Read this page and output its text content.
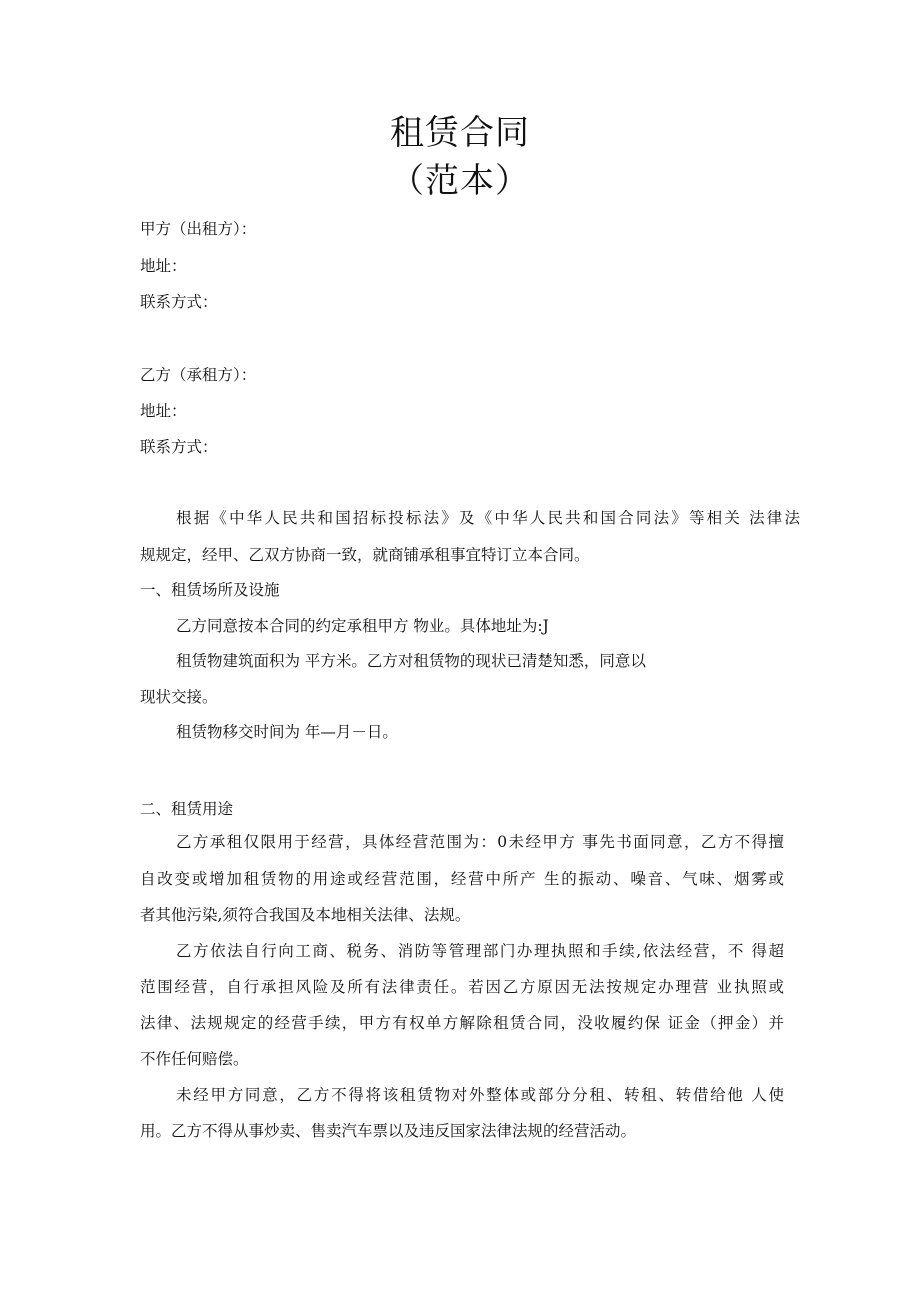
租赁合同
（范本）
甲方（出租方）：
地址：
联系方式：
乙方（承租方）：
地址：
联系方式：
根据《中华人民共和国招标投标法》及《中华人民共和国合同法》等相关 法律法
规规定，经甲、乙双方协商一致，就商铺承租事宜特订立本合同。
一、租赁场所及设施
乙方同意按本合同的约定承租甲方 物业。具体地址为:J
租赁物建筑面积为 平方米。乙方对租赁物的现状已清楚知悉，同意以
现状交接。
租赁物移交时间为 年—月－日。
二、租赁用途
乙方承租仅限用于经营，具体经营范围为：0未经甲方 事先书面同意，乙方不得擅
自改变或增加租赁物的用途或经营范围，经营中所产 生的振动、噪音、气味、烟雾或
者其他污染,须符合我国及本地相关法律、法规。
乙方依法自行向工商、税务、消防等管理部门办理执照和手续,依法经营，不 得超
范围经营，自行承担风险及所有法律责任。若因乙方原因无法按规定办理营 业执照或
法律、法规规定的经营手续，甲方有权单方解除租赁合同，没收履约保 证金（押金）并
不作任何赔偿。
未经甲方同意，乙方不得将该租赁物对外整体或部分分租、转租、转借给他 人使
用。乙方不得从事炒卖、售卖汽车票以及违反国家法律法规的经营活动。
